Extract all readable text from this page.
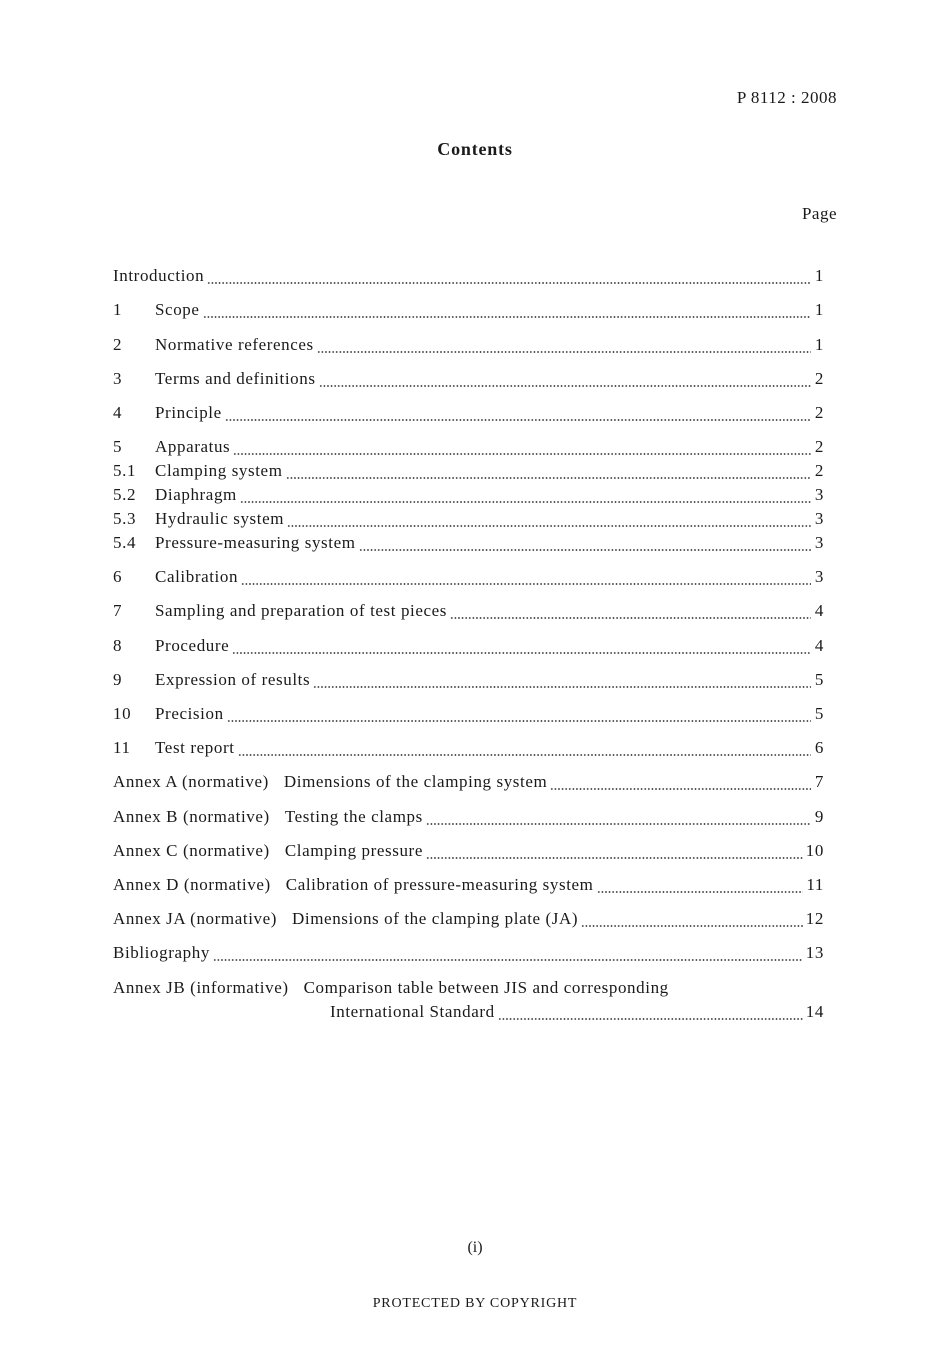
P 8112 : 2008
Contents
Page
Introduction	1
1	Scope	1
2	Normative references	1
3	Terms and definitions	2
4	Principle	2
5	Apparatus	2
5.1	Clamping system	2
5.2	Diaphragm	3
5.3	Hydraulic system	3
5.4	Pressure-measuring system	3
6	Calibration	3
7	Sampling and preparation of test pieces	4
8	Procedure	4
9	Expression of results	5
10	Precision	5
11	Test report	6
Annex A (normative) Dimensions of the clamping system	7
Annex B (normative) Testing the clamps	9
Annex C (normative) Clamping pressure	10
Annex D (normative) Calibration of pressure-measuring system	11
Annex JA (normative) Dimensions of the clamping plate (JA)	12
Bibliography	13
Annex JB (informative) Comparison table between JIS and corresponding
International Standard	14
(i)
PROTECTED BY COPYRIGHT
